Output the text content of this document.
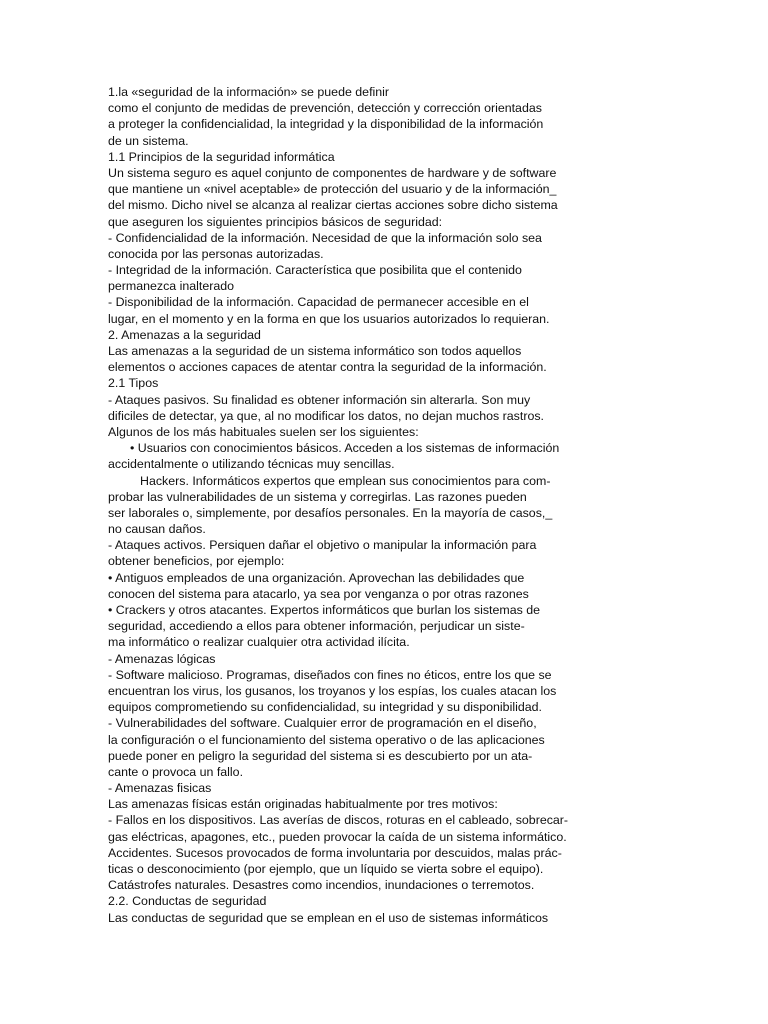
1.la «seguridad de la información» se puede definir
como el conjunto de medidas de prevención, detección y corrección orientadas
a proteger la confidencialidad, la integridad y la disponibilidad de la información
de un sistema.
1.1 Principios de la seguridad informática
Un sistema seguro es aquel conjunto de componentes de hardware y de software
que mantiene un «nivel aceptable» de protección del usuario y de la información_
del mismo. Dicho nivel se alcanza al realizar ciertas acciones sobre dicho sistema
que aseguren los siguientes principios básicos de seguridad:
- Confidencialidad de la información. Necesidad de que la información solo sea
conocida por las personas autorizadas.
- Integridad de la información. Característica que posibilita que el contenido
permanezca inalterado
- Disponibilidad de la información. Capacidad de permanecer accesible en el
lugar, en el momento y en la forma en que los usuarios autorizados lo requieran.
2. Amenazas a la seguridad
Las amenazas a la seguridad de un sistema informático son todos aquellos
elementos o acciones capaces de atentar contra la seguridad de la información.
2.1 Tipos
- Ataques pasivos. Su finalidad es obtener información sin alterarla. Son muy
dificiles de detectar, ya que, al no modificar los datos, no dejan muchos rastros.
Algunos de los más habituales suelen ser los siguientes:
• Usuarios con conocimientos básicos. Acceden a los sistemas de información
accidentalmente o utilizando técnicas muy sencillas.
Hackers. Informáticos expertos que emplean sus conocimientos para com-
probar las vulnerabilidades de un sistema y corregirlas. Las razones pueden
ser laborales o, simplemente, por desafíos personales. En la mayoría de casos,_
no causan daños.
- Ataques activos. Persiquen dañar el objetivo o manipular la información para
obtener beneficios, por ejemplo:
• Antiguos empleados de una organización. Aprovechan las debilidades que
conocen del sistema para atacarlo, ya sea por venganza o por otras razones
• Crackers y otros atacantes. Expertos informáticos que burlan los sistemas de
seguridad, accediendo a ellos para obtener información, perjudicar un siste-
ma informático o realizar cualquier otra actividad ilícita.
- Amenazas lógicas
- Software malicioso. Programas, diseñados con fines no éticos, entre los que se
encuentran los virus, los gusanos, los troyanos y los espías, los cuales atacan los
equipos comprometiendo su confidencialidad, su integridad y su disponibilidad.
- Vulnerabilidades del software. Cualquier error de programación en el diseño,
la configuración o el funcionamiento del sistema operativo o de las aplicaciones
puede poner en peligro la seguridad del sistema si es descubierto por un ata-
cante o provoca un fallo.
- Amenazas fisicas
Las amenazas físicas están originadas habitualmente por tres motivos:
- Fallos en los dispositivos. Las averías de discos, roturas en el cableado, sobrecar-
gas eléctricas, apagones, etc., pueden provocar la caída de un sistema informático.
Accidentes. Sucesos provocados de forma involuntaria por descuidos, malas prác-
ticas o desconocimiento (por ejemplo, que un líquido se vierta sobre el equipo).
Catástrofes naturales. Desastres como incendios, inundaciones o terremotos.
2.2. Conductas de seguridad
Las conductas de seguridad que se emplean en el uso de sistemas informáticos
